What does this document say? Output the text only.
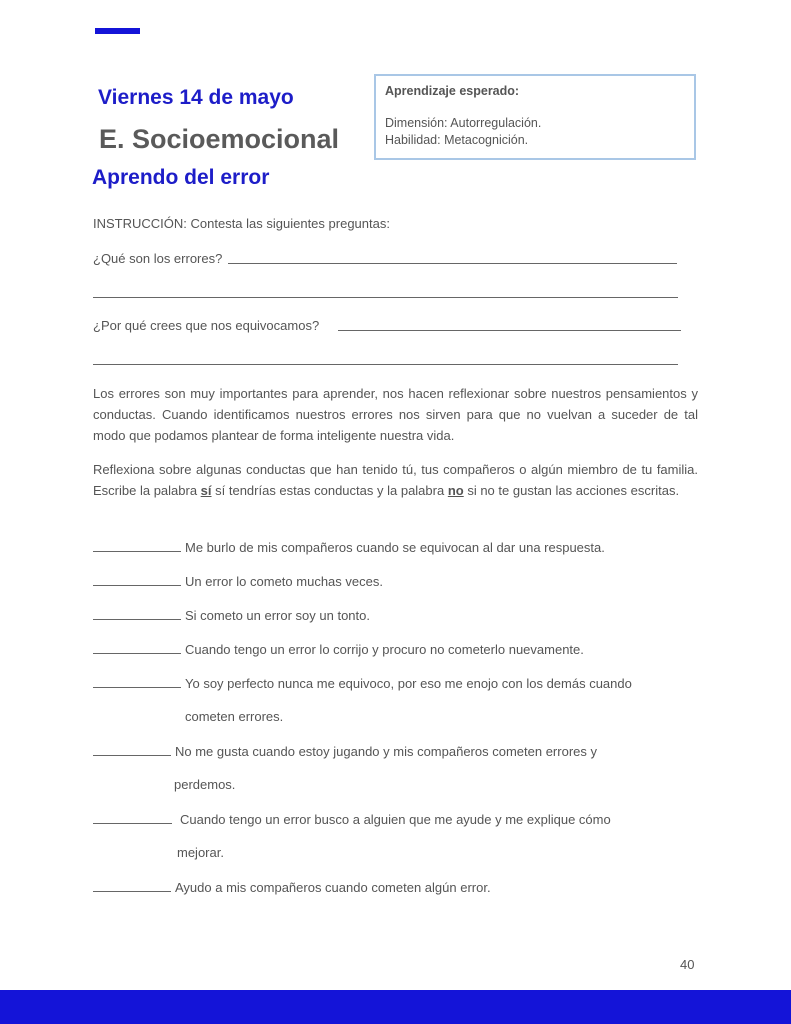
Viernes 14 de mayo
E. Socioemocional
Aprendo del error
Aprendizaje esperado:
Dimensión: Autorregulación.
Habilidad: Metacognición.
INSTRUCCIÓN: Contesta las siguientes preguntas:
¿Qué son los errores?
¿Por qué crees que nos equivocamos?
Los errores son muy importantes para aprender, nos hacen reflexionar sobre nuestros pensamientos y conductas. Cuando identificamos nuestros errores nos sirven para que no vuelvan a suceder de tal modo que podamos plantear de forma inteligente nuestra vida.
Reflexiona sobre algunas conductas que han tenido tú, tus compañeros o algún miembro de tu familia. Escribe la palabra sí sí tendrías estas conductas y la palabra no si no te gustan las acciones escritas.
Me burlo de mis compañeros cuando se equivocan al dar una respuesta.
Un error lo cometo muchas veces.
Si cometo un error soy un tonto.
Cuando tengo un error lo corrijo y procuro no cometerlo nuevamente.
Yo soy perfecto nunca me equivoco, por eso me enojo con los demás cuando
cometen errores.
No me gusta cuando estoy jugando y mis compañeros cometen errores y
perdemos.
Cuando tengo un error busco a alguien que me ayude y me explique cómo
mejorar.
Ayudo a mis compañeros cuando cometen algún error.
40
